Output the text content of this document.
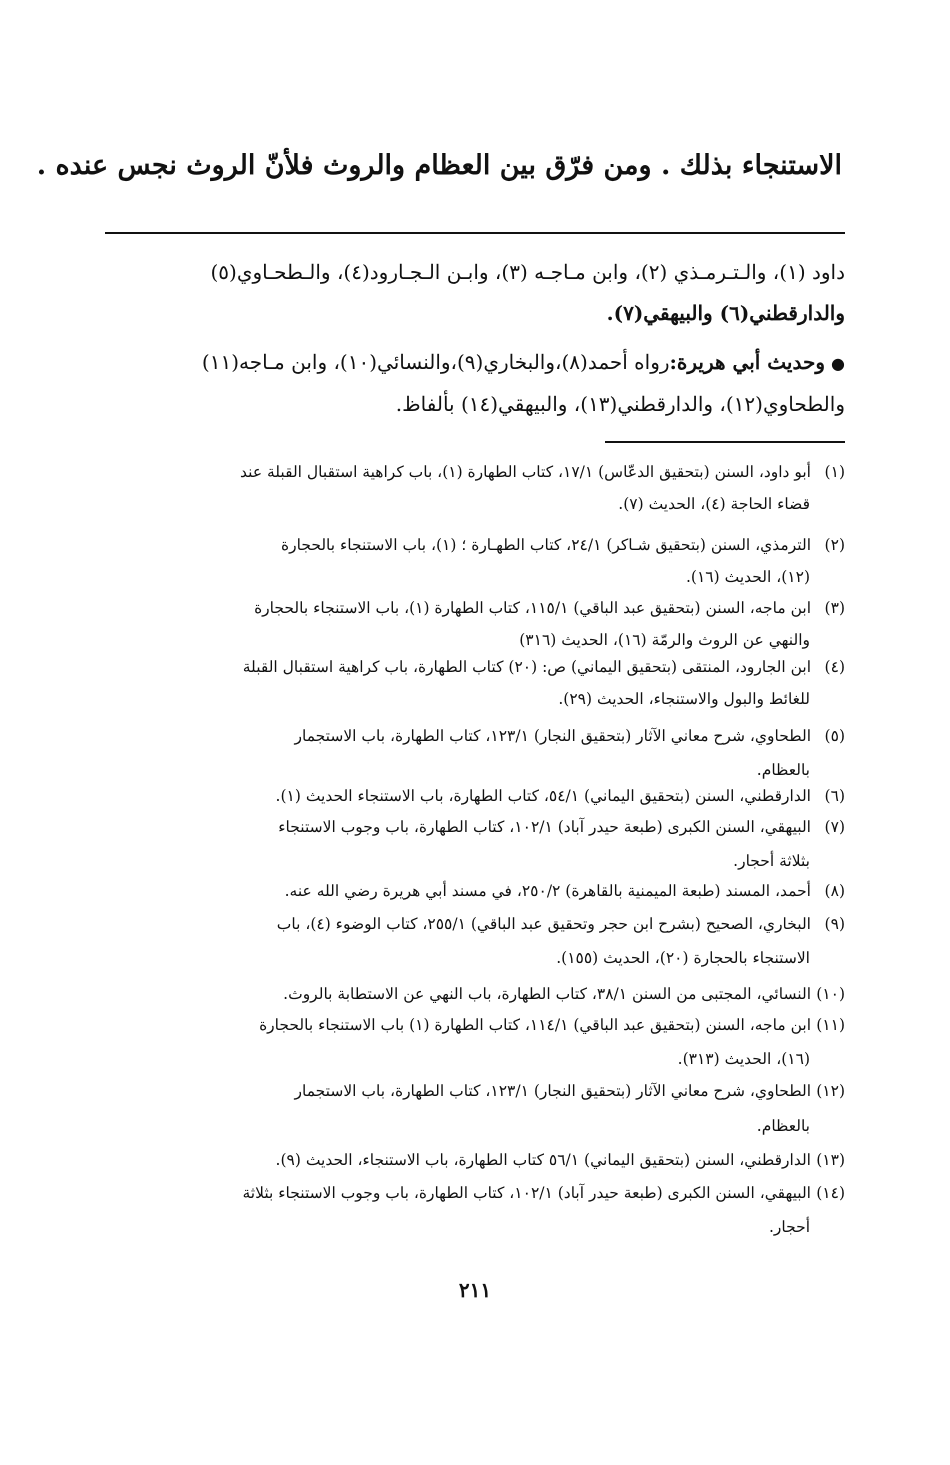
الاستنجاء بذلك . ومن فرّق بين العظام والروث فلأنّ الروث نجس عنده .
داود (١)، والـتـرمـذي (٢)، وابن مـاجـه (٣)، وابـن الـجـارود(٤)، والـطحـاوي(٥)
والدارقطني(٦) والبيهقي(٧).
●وحديث أبي هريرة:رواه أحمد(٨)،والبخاري(٩)،والنسائي(١٠)، وابن مـاجه(١١)
والطحاوي(١٢)، والدارقطني(١٣)، والبيهقي(١٤) بألفاظ.
(١)أبو داود، السنن (بتحقيق الدعّاس) ١٧/١، كتاب الطهارة (١)، باب كراهية استقبال القبلة عند
قضاء الحاجة (٤)، الحديث (٧).
(٢)الترمذي، السنن (بتحقيق شـاكر) ٢٤/١، كتاب الطهـارة ؛ (١)، باب الاستنجاء بالحجارة
(١٢)، الحديث (١٦).
(٣)ابن ماجه، السنن (بتحقيق عبد الباقي) ١١٥/١، كتاب الطهارة (١)، باب الاستنجاء بالحجارة
والنهي عن الروث والرمّة (١٦)، الحديث (٣١٦)
(٤)ابن الجارود، المنتقى (بتحقيق اليماني) ص: (٢٠) كتاب الطهارة، باب كراهية استقبال القبلة
للغائط والبول والاستنجاء، الحديث (٢٩).
(٥)الطحاوي، شرح معاني الآثار (بتحقيق النجار) ١٢٣/١، كتاب الطهارة، باب الاستجمار
بالعظام.
(٦)الدارقطني، السنن (بتحقيق اليماني) ٥٤/١، كتاب الطهارة، باب الاستنجاء الحديث (١).
(٧)البيهقي، السنن الكبرى (طبعة حيدر آباد) ١٠٢/١، كتاب الطهارة، باب وجوب الاستنجاء
بثلاثة أحجار.
(٨)أحمد، المسند (طبعة الميمنية بالقاهرة) ٢٥٠/٢، في مسند أبي هريرة رضي الله عنه.
(٩)البخاري، الصحيح (بشرح ابن حجر وتحقيق عبد الباقي) ٢٥٥/١، كتاب الوضوء (٤)، باب
الاستنجاء بالحجارة (٢٠)، الحديث (١٥٥).
(١٠)النسائي، المجتبى من السنن ٣٨/١، كتاب الطهارة، باب النهي عن الاستطابة بالروث.
(١١)ابن ماجه، السنن (بتحقيق عبد الباقي) ١١٤/١، كتاب الطهارة (١) باب الاستنجاء بالحجارة
(١٦)، الحديث (٣١٣).
(١٢)الطحاوي، شرح معاني الآثار (بتحقيق النجار) ١٢٣/١، كتاب الطهارة، باب الاستجمار
بالعظام.
(١٣)الدارقطني، السنن (بتحقيق اليماني) ٥٦/١ كتاب الطهارة، باب الاستنجاء، الحديث (٩).
(١٤)البيهقي، السنن الكبرى (طبعة حيدر آباد) ١٠٢/١، كتاب الطهارة، باب وجوب الاستنجاء بثلاثة
أحجار.
٢١١
